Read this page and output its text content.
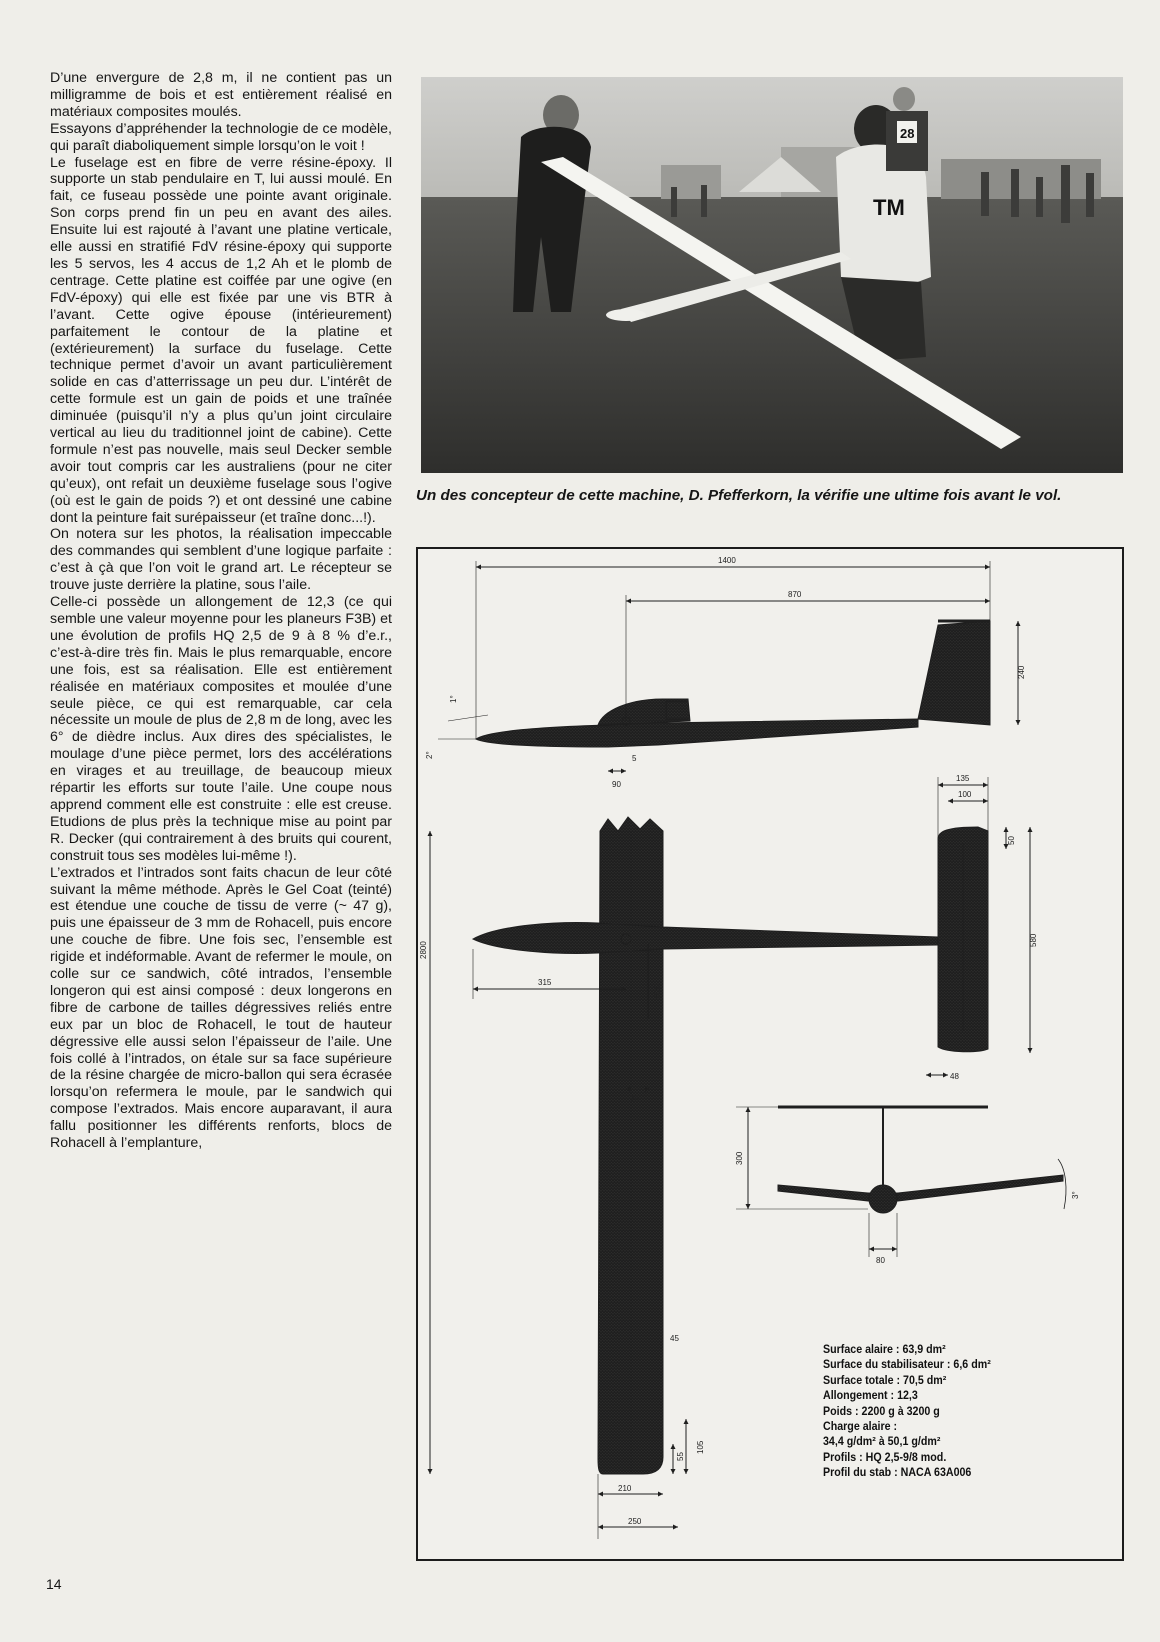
D’une envergure de 2,8 m, il ne contient pas un milligramme de bois et est entièrement réalisé en matériaux composites moulés.

Essayons d’appréhender la technologie de ce modèle, qui paraît diaboliquement simple lorsqu’on le voit !

Le fuselage est en fibre de verre résine-époxy. Il supporte un stab pendulaire en T, lui aussi moulé. En fait, ce fuseau possède une pointe avant originale. Son corps prend fin un peu en avant des ailes. Ensuite lui est rajouté à l’avant une platine verticale, elle aussi en stratifié FdV résine-époxy qui supporte les 5 servos, les 4 accus de 1,2 Ah et le plomb de centrage. Cette platine est coiffée par une ogive (en FdV-époxy) qui elle est fixée par une vis BTR à l’avant. Cette ogive épouse (intérieurement) parfaitement le contour de la platine et (extérieurement) la surface du fuselage. Cette technique permet d’avoir un avant particulièrement solide en cas d’atterrissage un peu dur. L’intérêt de cette formule est un gain de poids et une traînée diminuée (puisqu’il n’y a plus qu’un joint circulaire vertical au lieu du traditionnel joint de cabine). Cette formule n’est pas nouvelle, mais seul Decker semble avoir tout compris car les australiens (pour ne citer qu’eux), ont refait un deuxième fuselage sous l’ogive (où est le gain de poids ?) et ont dessiné une cabine dont la peinture fait surépaisseur (et traîne donc...!).

On notera sur les photos, la réalisation impeccable des commandes qui semblent d’une logique parfaite : c’est à çà que l’on voit le grand art. Le récepteur se trouve juste derrière la platine, sous l’aile.

Celle-ci possède un allongement de 12,3 (ce qui semble une valeur moyenne pour les planeurs F3B) et une évolution de profils HQ 2,5 de 9 à 8 % d’e.r., c’est-à-dire très fin. Mais le plus remarquable, encore une fois, est sa réalisation. Elle est entièrement réalisée en matériaux composites et moulée d’une seule pièce, ce qui est remarquable, car cela nécessite un moule de plus de 2,8 m de long, avec les 6° de dièdre inclus. Aux dires des spécialistes, le moulage d’une pièce permet, lors des accélérations en virages et au treuillage, de beaucoup mieux répartir les efforts sur toute l’aile. Une coupe nous apprend comment elle est construite : elle est creuse. Etudions de plus près la technique mise au point par R. Decker (qui contrairement à des bruits qui courent, construit tous ses modèles lui-même !).

L’extrados et l’intrados sont faits chacun de leur côté suivant la même méthode. Après le Gel Coat (teinté) est étendue une couche de tissu de verre (~ 47 g), puis une épaisseur de 3 mm de Rohacell, puis encore une couche de fibre. Une fois sec, l’ensemble est rigide et indéformable. Avant de refermer le moule, on colle sur ce sandwich, côté intrados, l’ensemble longeron qui est ainsi composé : deux longerons en fibre de carbone de tailles dégressives reliés entre eux par un bloc de Rohacell, le tout de hauteur dégressive elle aussi selon l’épaisseur de l’aile. Une fois collé à l’intrados, on étale sur sa face supérieure de la résine chargée de micro-ballon qui sera écrasée lorsqu’on refermera le moule, par le sandwich qui compose l’extrados. Mais encore auparavant, il aura fallu positionner les différents renforts, blocs de Rohacell à l’emplanture,

TM
28
Un des concepteur de cette machine, D. Pfefferkorn, la vérifie une ultime fois avant le vol.
1400
870
240
90
5
1°
2°
2800
315
250
210
105
55
45
26
300
135
100
50
580
48
300
80
3°
Surface alaire : 63,9 dm²
Surface du stabilisateur : 6,6 dm²
Surface totale : 70,5 dm²
Allongement : 12,3
Poids : 2200 g à 3200 g
Charge alaire :
34,4 g/dm² à 50,1 g/dm²
Profils : HQ 2,5-9/8 mod.
Profil du stab : NACA 63A006
14
